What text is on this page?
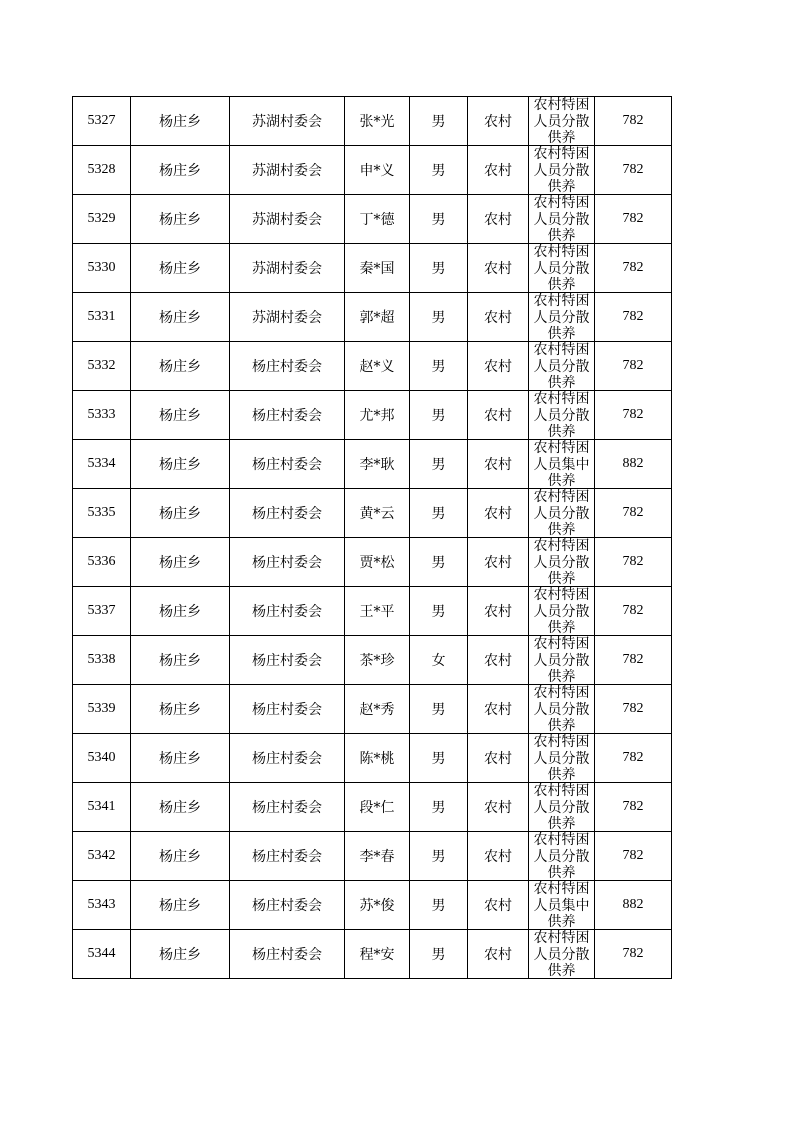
5327	杨庄乡	苏湖村委会	张*光	男	农村	农村特困人员分散供养	782
5328	杨庄乡	苏湖村委会	申*义	男	农村	农村特困人员分散供养	782
5329	杨庄乡	苏湖村委会	丁*德	男	农村	农村特困人员分散供养	782
5330	杨庄乡	苏湖村委会	秦*国	男	农村	农村特困人员分散供养	782
5331	杨庄乡	苏湖村委会	郭*超	男	农村	农村特困人员分散供养	782
5332	杨庄乡	杨庄村委会	赵*义	男	农村	农村特困人员分散供养	782
5333	杨庄乡	杨庄村委会	尤*邦	男	农村	农村特困人员分散供养	782
5334	杨庄乡	杨庄村委会	李*耿	男	农村	农村特困人员集中供养	882
5335	杨庄乡	杨庄村委会	黄*云	男	农村	农村特困人员分散供养	782
5336	杨庄乡	杨庄村委会	贾*松	男	农村	农村特困人员分散供养	782
5337	杨庄乡	杨庄村委会	王*平	男	农村	农村特困人员分散供养	782
5338	杨庄乡	杨庄村委会	茶*珍	女	农村	农村特困人员分散供养	782
5339	杨庄乡	杨庄村委会	赵*秀	男	农村	农村特困人员分散供养	782
5340	杨庄乡	杨庄村委会	陈*桃	男	农村	农村特困人员分散供养	782
5341	杨庄乡	杨庄村委会	段*仁	男	农村	农村特困人员分散供养	782
5342	杨庄乡	杨庄村委会	李*春	男	农村	农村特困人员分散供养	782
5343	杨庄乡	杨庄村委会	苏*俊	男	农村	农村特困人员集中供养	882
5344	杨庄乡	杨庄村委会	程*安	男	农村	农村特困人员分散供养	782
